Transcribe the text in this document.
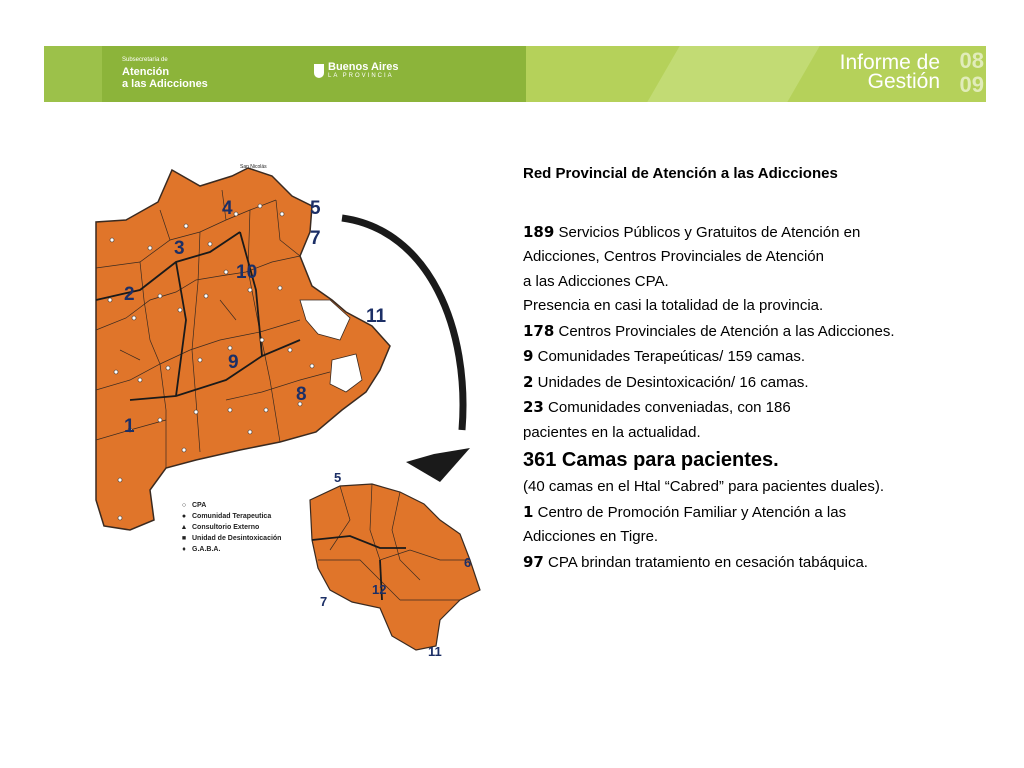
Subsecretaría de
Atención
a las Adicciones
Buenos Aires
LA PROVINCIA
Informe de
Gestión
08
09
1
2
3
4	5
7
8
9
10
11
San Nicolás
5
6
7
11
12
○ CPA
● Comunidad Terapeutica
▲ Consultorio Externo
■ Unidad de Desintoxicación
♦ G.A.B.A.
Red Provincial de Atención a las Adicciones
189 Servicios Públicos y Gratuitos de Atención en
Adicciones, Centros Provinciales de Atención
a las Adicciones CPA.
Presencia en casi la totalidad de la provincia.
178 Centros Provinciales de Atención a las Adicciones.
9 Comunidades Terapeúticas/ 159 camas.
2 Unidades de Desintoxicación/ 16 camas.
23 Comunidades conveniadas, con 186
pacientes en la actualidad.
361 Camas para pacientes.
(40 camas en el Htal “Cabred” para pacientes duales).
1 Centro de Promoción Familiar y Atención a las
Adicciones en Tigre.
97 CPA brindan tratamiento en cesación tabáquica.
